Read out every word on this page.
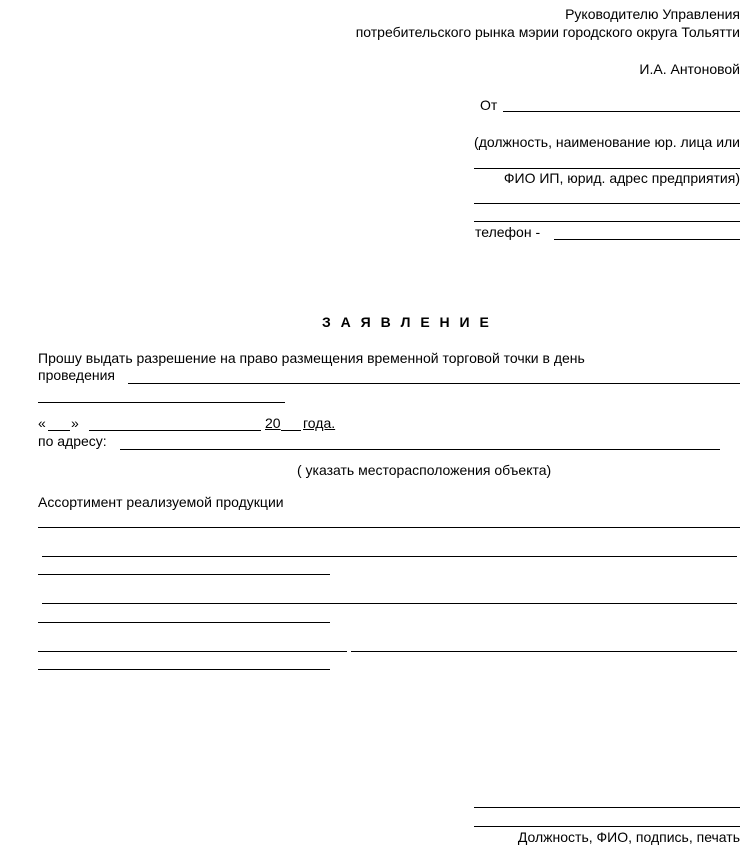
Руководителю Управления
потребительского рынка мэрии городского округа Тольятти
И.А. Антоновой
От
(должность, наименование юр. лица или
ФИО ИП, юрид. адрес предприятия)
телефон -
З А Я В Л Е Н И Е
Прошу выдать разрешение на право размещения временной торговой точки в день
проведения
« »	20 года.
по адресу:
( указать месторасположения объекта)
Ассортимент реализуемой продукции
Должность, ФИО, подпись, печать
